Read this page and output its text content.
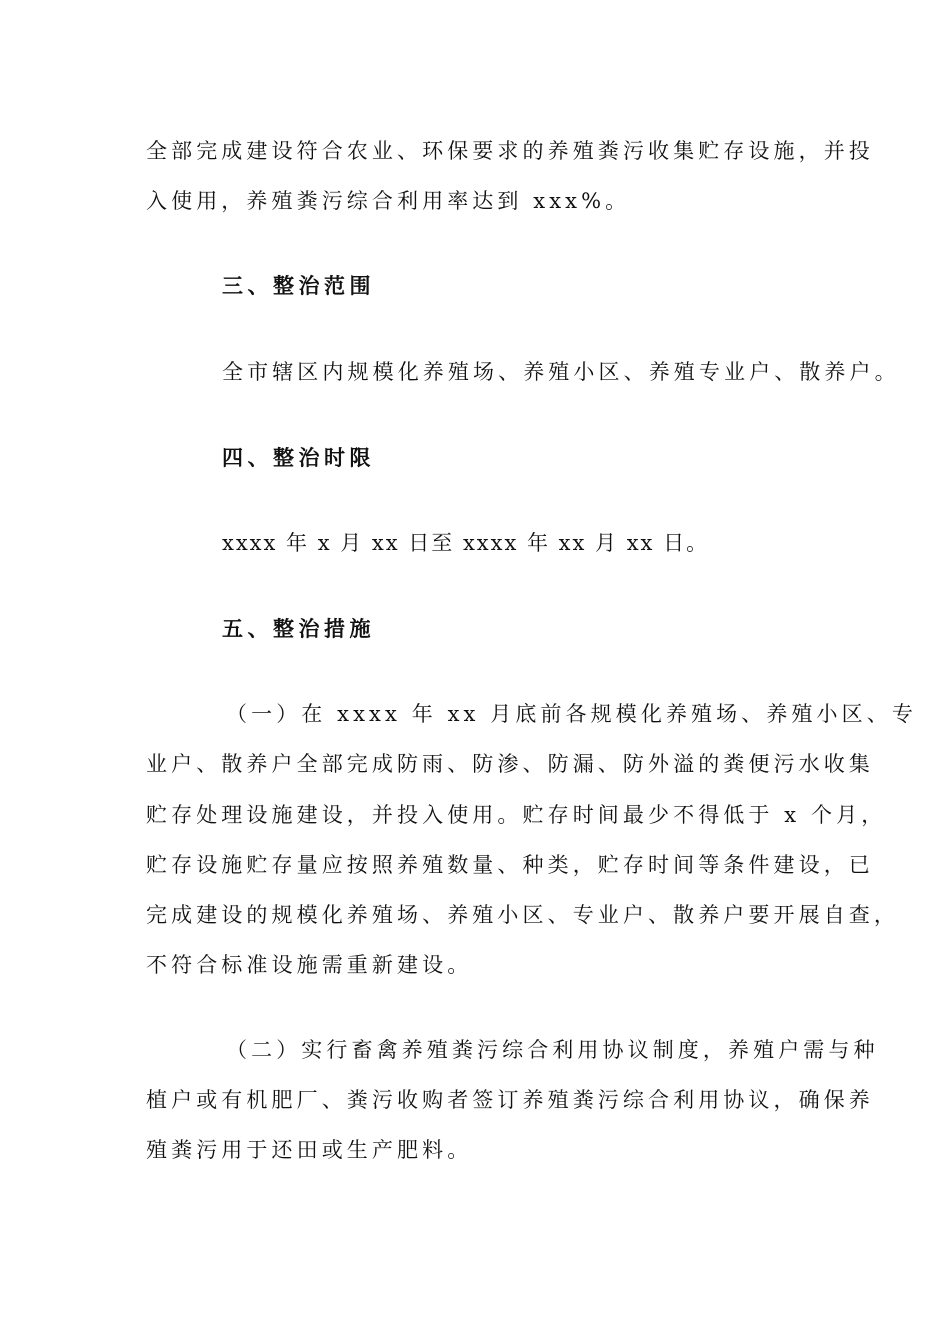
全部完成建设符合农业、环保要求的养殖粪污收集贮存设施，并投
入使用，养殖粪污综合利用率达到 xxx%。
三、整治范围
全市辖区内规模化养殖场、养殖小区、养殖专业户、散养户。
四、整治时限
xxxx 年 x 月 xx 日至 xxxx 年 xx 月 xx 日。
五、整治措施
（一）在 xxxx 年 xx 月底前各规模化养殖场、养殖小区、专
业户、散养户全部完成防雨、防渗、防漏、防外溢的粪便污水收集
贮存处理设施建设，并投入使用。贮存时间最少不得低于 x 个月，
贮存设施贮存量应按照养殖数量、种类，贮存时间等条件建设，已
完成建设的规模化养殖场、养殖小区、专业户、散养户要开展自查，
不符合标准设施需重新建设。
（二）实行畜禽养殖粪污综合利用协议制度，养殖户需与种
植户或有机肥厂、粪污收购者签订养殖粪污综合利用协议，确保养
殖粪污用于还田或生产肥料。
